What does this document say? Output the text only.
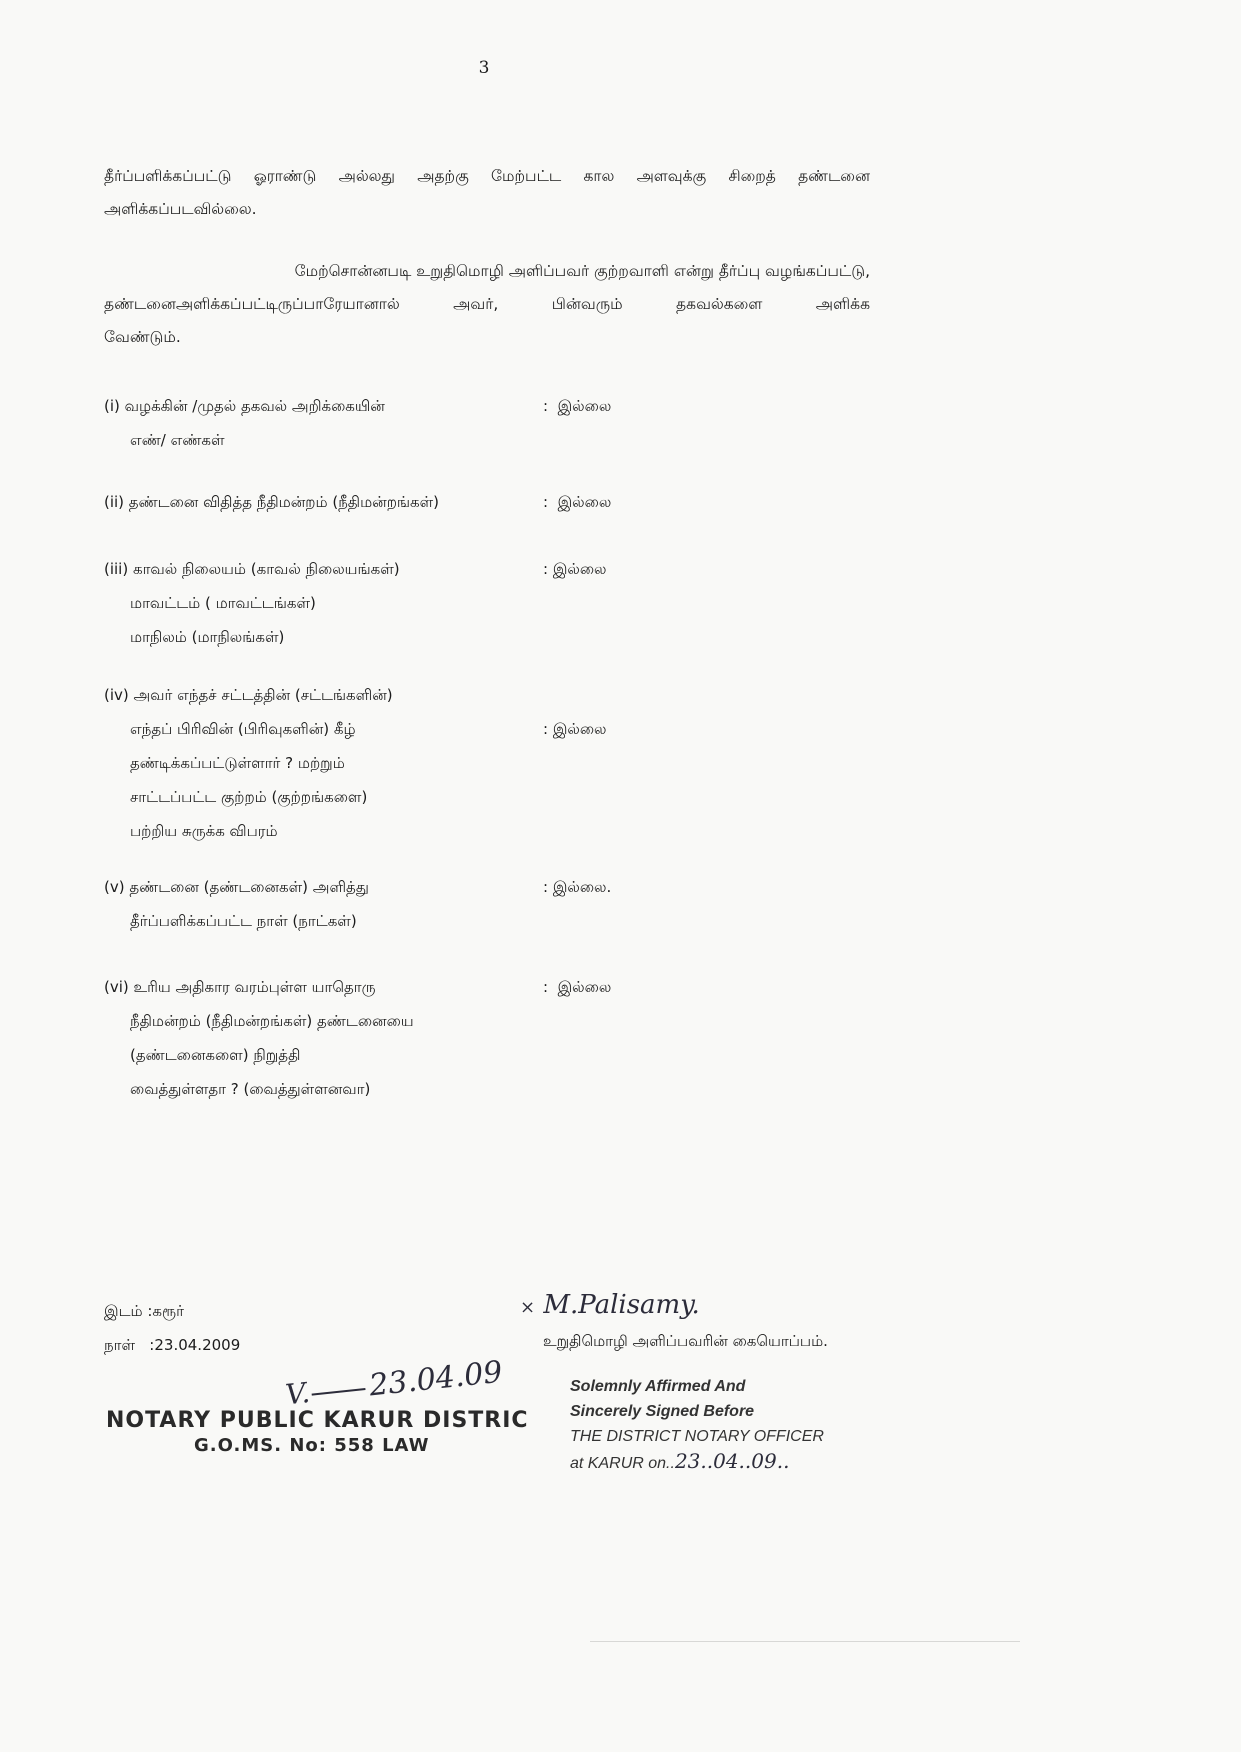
3
தீர்ப்பளிக்கப்பட்டு ஓராண்டு அல்லது அதற்கு மேற்பட்ட கால அளவுக்கு சிறைத் தண்டனை
அளிக்கப்படவில்லை.
மேற்சொன்னபடி உறுதிமொழி அளிப்பவர் குற்றவாளி என்று தீர்ப்பு வழங்கப்பட்டு,
தண்டனைஅளிக்கப்பட்டிருப்பாரேயானால் அவர், பின்வரும் தகவல்களை அளிக்க
வேண்டும்.
(i) வழக்கின் /முதல் தகவல் அறிக்கையின்
எண்/ எண்கள்
:  இல்லை
(ii) தண்டனை விதித்த நீதிமன்றம் (நீதிமன்றங்கள்)	:  இல்லை
(iii) காவல் நிலையம் (காவல் நிலையங்கள்)
மாவட்டம் ( மாவட்டங்கள்)
மாநிலம் (மாநிலங்கள்)
: இல்லை
(iv) அவர் எந்தச் சட்டத்தின் (சட்டங்களின்)
எந்தப் பிரிவின் (பிரிவுகளின்) கீழ்
தண்டிக்கப்பட்டுள்ளார் ? மற்றும்
சாட்டப்பட்ட குற்றம் (குற்றங்களை)
பற்றிய சுருக்க விபரம்
: இல்லை
(v) தண்டனை (தண்டனைகள்) அளித்து
தீர்ப்பளிக்கப்பட்ட நாள் (நாட்கள்)
: இல்லை.
(vi) உரிய அதிகார வரம்புள்ள யாதொரு
நீதிமன்றம் (நீதிமன்றங்கள்) தண்டனையை
(தண்டனைகளை) நிறுத்தி
வைத்துள்ளதா ? (வைத்துள்ளனவா)
:  இல்லை
இடம் :கரூர்
நாள்   :23.04.2009
× M.Palisamy.
உறுதிமொழி அளிப்பவரின் கையொப்பம்.
V. 23.04.09
NOTARY PUBLIC KARUR DISTRIC
G.O.MS. No: 558 LAW
Solemnly Affirmed And
Sincerely Signed Before
THE DISTRICT NOTARY OFFICER
at KARUR on..23..04..09..
